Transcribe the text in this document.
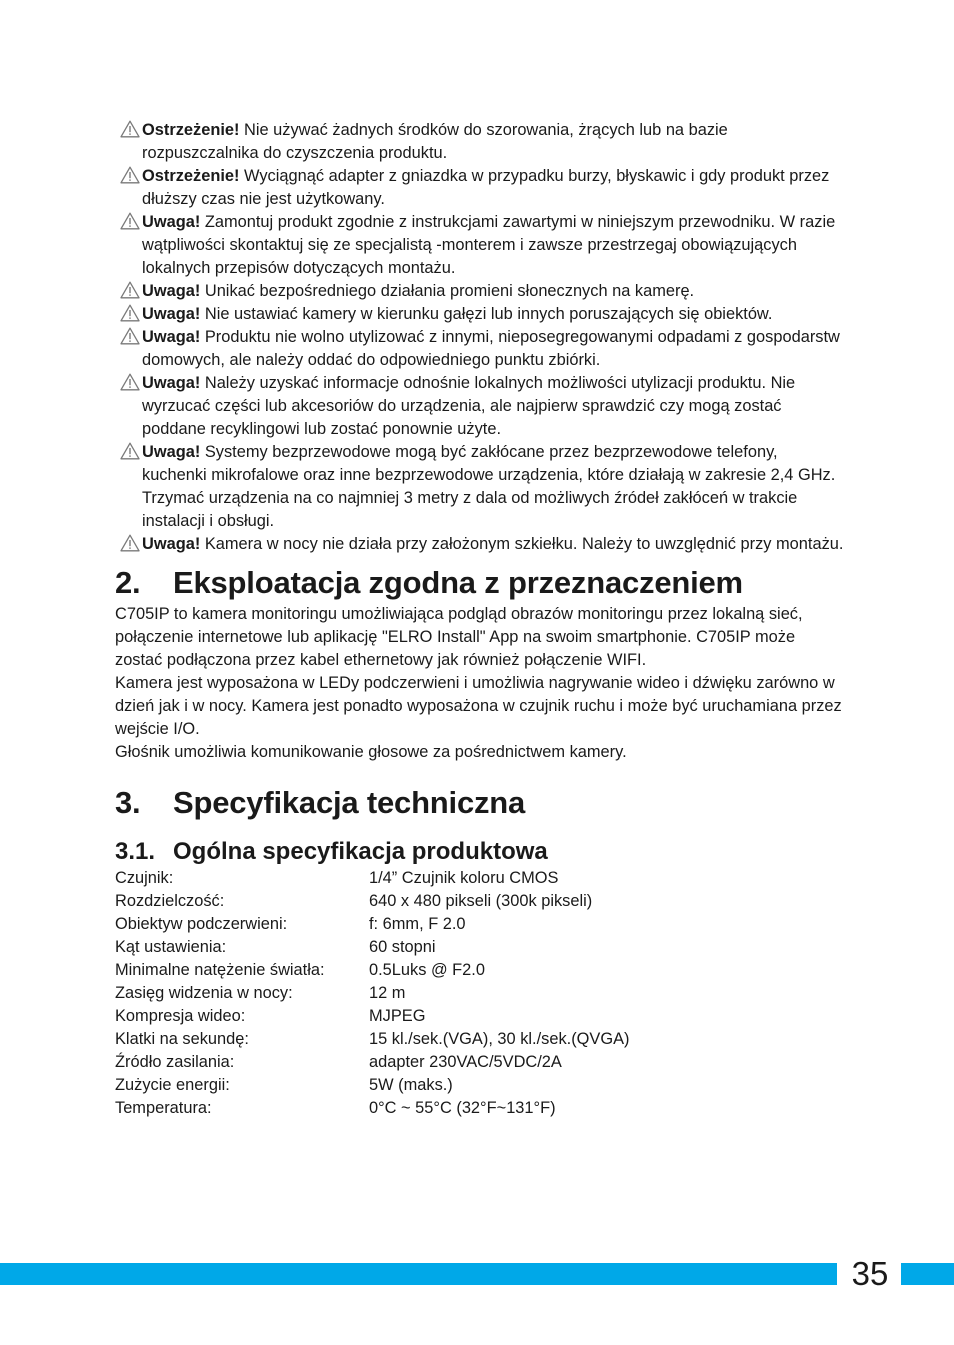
Ostrzeżenie! Nie używać żadnych środków do szorowania, żrących lub na bazie rozpuszczalnika do czyszczenia produktu.
Ostrzeżenie! Wyciągnąć adapter z gniazdka w przypadku burzy, błyskawic i gdy produkt przez dłuższy czas nie jest użytkowany.
Uwaga! Zamontuj produkt zgodnie z instrukcjami zawartymi w niniejszym przewodniku. W razie wątpliwości skontaktuj się ze specjalistą -monterem i zawsze przestrzegaj obowiązujących lokalnych przepisów dotyczących montażu.
Uwaga! Unikać bezpośredniego działania promieni słonecznych na kamerę.
Uwaga! Nie ustawiać kamery w kierunku gałęzi lub innych poruszających się obiektów.
Uwaga! Produktu nie wolno utylizować z innymi, nieposegregowanymi odpadami z gospodarstw domowych, ale należy oddać do odpowiedniego punktu zbiórki.
Uwaga! Należy uzyskać informacje odnośnie lokalnych możliwości utylizacji produktu. Nie wyrzucać części lub akcesoriów do urządzenia, ale najpierw sprawdzić czy mogą zostać poddane recyklingowi lub zostać ponownie użyte.
Uwaga! Systemy bezprzewodowe mogą być zakłócane przez bezprzewodowe telefony, kuchenki mikrofalowe oraz inne bezprzewodowe urządzenia, które działają w zakresie 2,4 GHz. Trzymać urządzenia na co najmniej 3 metry z dala od możliwych źródeł zakłóceń w trakcie instalacji i obsługi.
Uwaga! Kamera w nocy nie działa przy założonym szkiełku. Należy to uwzględnić przy montażu.
2.	Eksploatacja zgodna z przeznaczeniem

C705IP to kamera monitoringu umożliwiająca podgląd obrazów monitoringu przez lokalną sieć, połączenie internetowe lub aplikację "ELRO Install" App na swoim smartphonie. C705IP może zostać podłączona przez kabel ethernetowy jak również połączenie WIFI.

Kamera jest wyposażona w LEDy podczerwieni i umożliwia nagrywanie wideo i dźwięku zarówno w dzień jak i w nocy. Kamera jest ponadto wyposażona w czujnik ruchu i może być uruchamiana przez wejście I/O.

Głośnik umożliwia komunikowanie głosowe za pośrednictwem kamery.

3.	Specyfikacja techniczna
3.1. Ogólna specyfikacja produktowa
Czujnik:	1/4” Czujnik koloru CMOS
Rozdzielczość:	640 x 480 pikseli (300k pikseli)
Obiektyw podczerwieni:	f: 6mm, F 2.0
Kąt ustawienia:	60 stopni
Minimalne natężenie światła:	0.5Luks @ F2.0
Zasięg widzenia w nocy:	12 m
Kompresja wideo:	MJPEG
Klatki na sekundę:	15 kl./sek.(VGA), 30 kl./sek.(QVGA)
Źródło zasilania:	adapter 230VAC/5VDC/2A
Zużycie energii:	5W (maks.)
Temperatura:	0°C ~ 55°C (32°F~131°F)
35
